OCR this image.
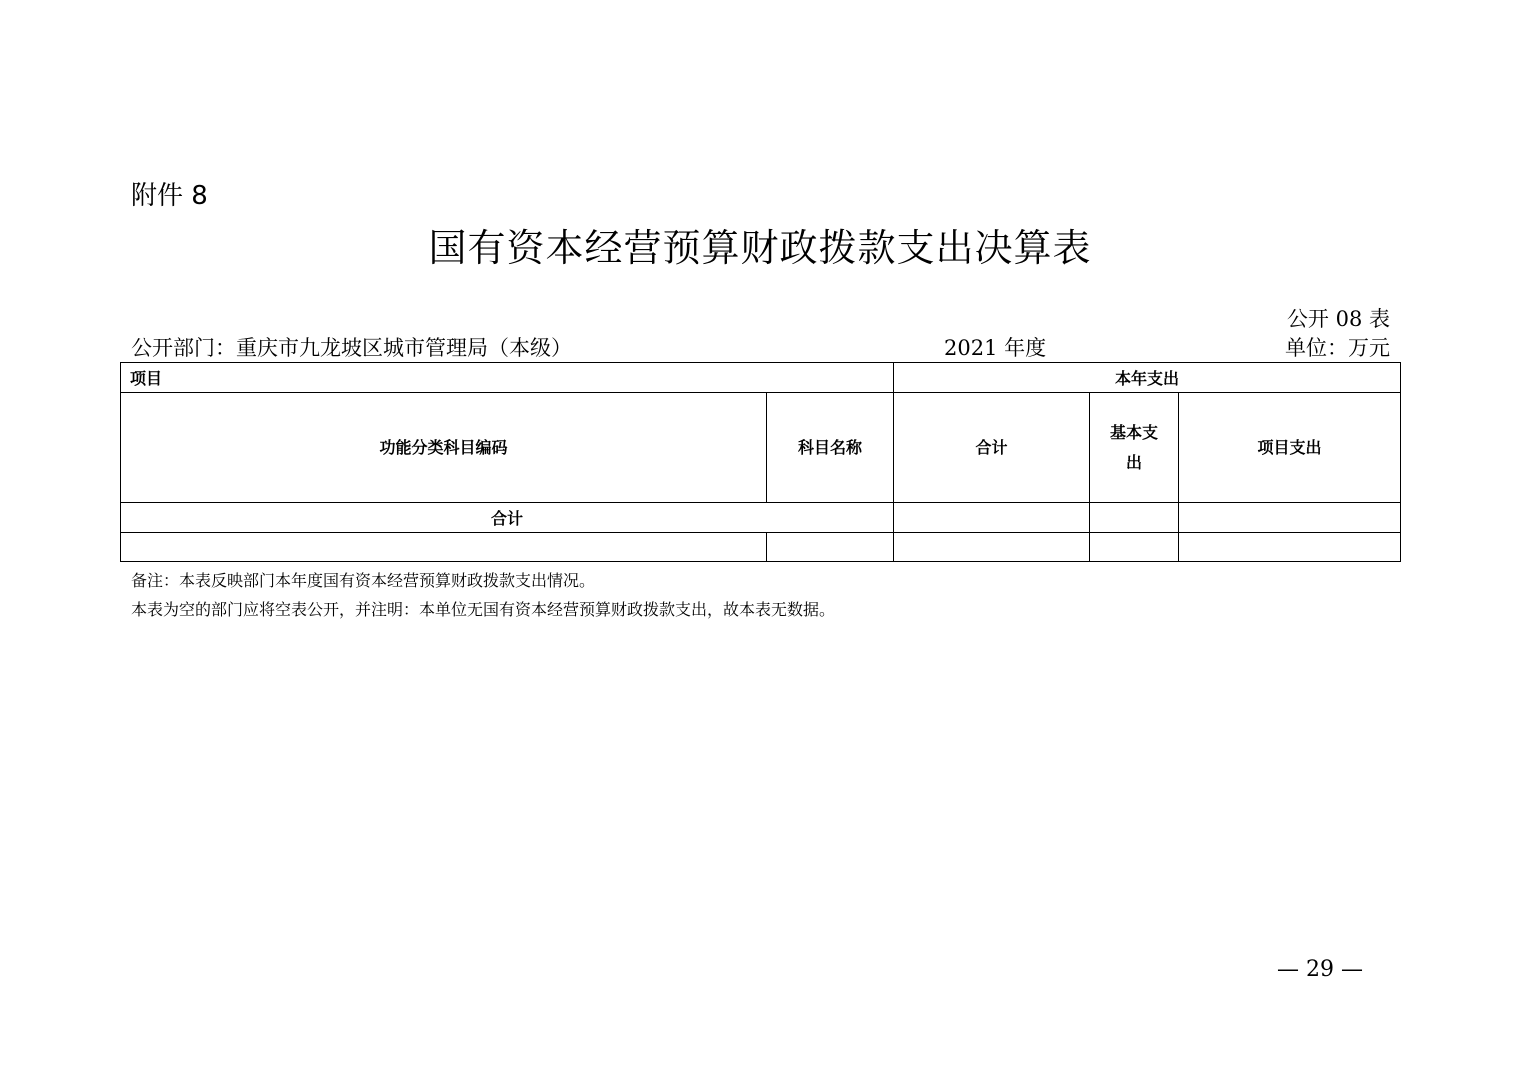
附件 8
国有资本经营预算财政拨款支出决算表
公开 08 表
公开部门：重庆市九龙坡区城市管理局（本级）	2021 年度	单位：万元
项目		本年支出		
功能分类科目编码	科目名称	合计	基本支出	项目支出
合计				

备注：本表反映部门本年度国有资本经营预算财政拨款支出情况。
本表为空的部门应将空表公开，并注明：本单位无国有资本经营预算财政拨款支出，故本表无数据。
— 29 —
